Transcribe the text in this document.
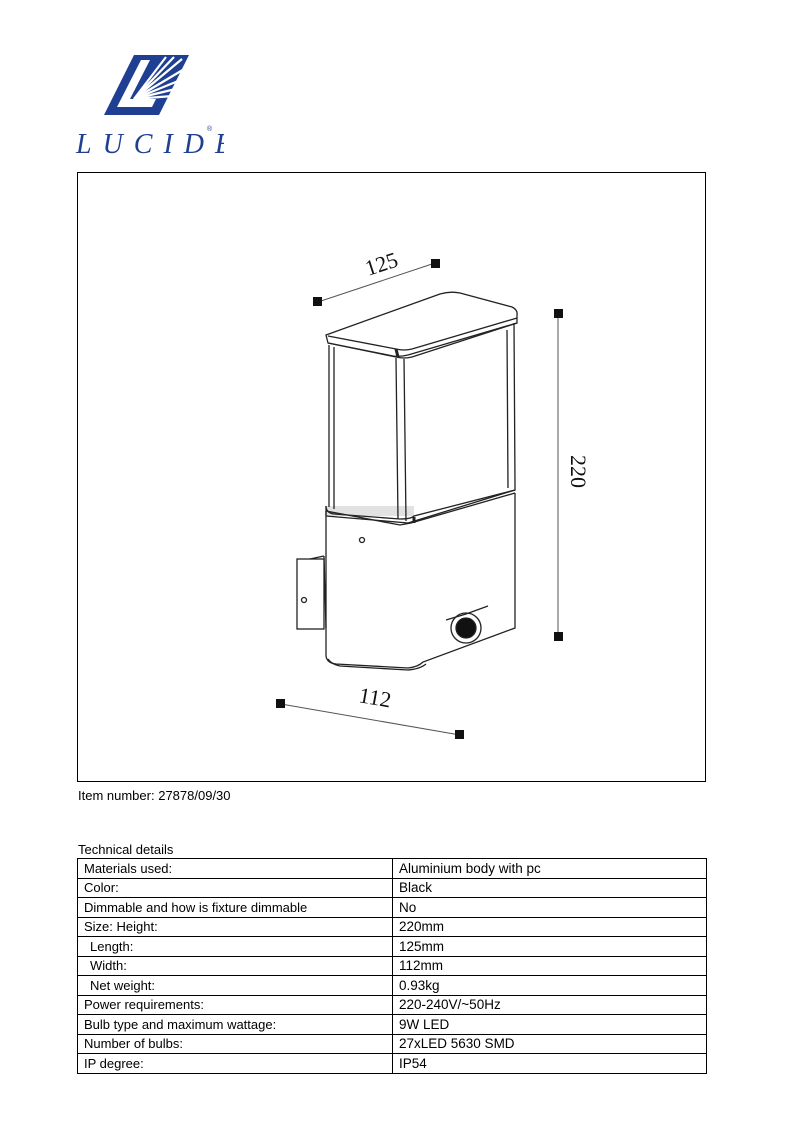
LUCID
®
125
220
112
Item number: 27878/09/30
Technical details
Materials used:	Aluminium body with pc
Color:	Black
Dimmable and how is fixture dimmable	No
Size: Height:	220mm
Length:	125mm
Width:	112mm
Net weight:	0.93kg
Power requirements:	220-240V/~50Hz
Bulb type and maximum wattage:	9W LED
Number of bulbs:	27xLED 5630 SMD
IP degree:	IP54
